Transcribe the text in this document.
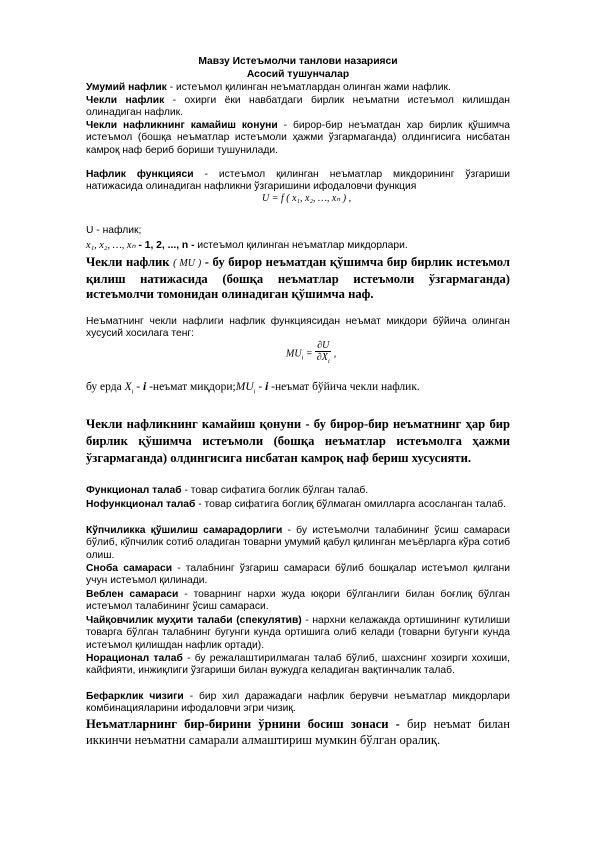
Мавзу Истеъмолчи танлови назарияси
Асосий тушунчалар

Умумий нафлик - истеъмол қилинган неъматлардан олинган жами нафлик.

Чекли нафлик - охирги ёки навбатдаги бирлик неъматни истеъмол килишдан олинадиган нафлик.

Чекли нафликнинг камайиш конуни - бирор-бир неъматдан хар бирлик қўшимча истеъмол (бошқа неъматлар истеъмоли ҳажми ўзгармаганда) олдингисига нисбатан камроқ наф бериб бориши тушунилади.

Нафлик функцияси - истеъмол қилинган неъматлар микдорининг ўзгариши натижасида олинадиган нафликни ўзгаришини ифодаловчи функция

U = f ( x₁, x₂, …, xₙ ) ,

U - нафлик;

x₁, x₂, …, xₙ - 1, 2, ..., n - истеъмол қилинган неъматлар микдорлари.

Чекли нафлик ( MU ) - бу бирор неъматдан қўшимча бир бирлик истеъмол қилиш натижасида (бошқа неъматлар истеъмоли ўзгармаганда) истеъмолчи томонидан олинадиган қўшимча наф.

Неъматнинг чекли нафлиги нафлик функциясидан неъмат микдори бўйича олинган хусусий хосилага тенг:

$MU_i = \frac{\partial U}{\partial X_i}$ ,

бу ерда $X_i$ - i -неъмат $миқдори;MU_i$ - i -неъмат бўйича чекли нафлик.

Чекли нафликнинг камайиш қонуни - бу бирор-бир неъматнинг ҳар бир бирлик қўшимча истеъмоли (бошқа неъматлар истеъмолга ҳажми ўзгармаганда) олдингисига нисбатан камроқ наф бериш хусусияти.

Функционал талаб - товар сифатига боглик бўлган талаб.

Нофункционал талаб - товар сифатига боглиқ бўлмаган омилларга асосланган талаб.

Кўпчиликка қўшилиш самарадорлиги - бу истеъмолчи талабининг ўсиш самараси бўлиб, кўпчилик сотиб оладиган товарни умумий қабул қилинган меъёрларга кўра сотиб олиш.

Сноба самараси - талабнинг ўзгариш самараси бўлиб бошқалар истеъмол қилгани учун истеъмол қилинади.

Веблен самараси - товарнинг нархи жуда юқори бўлганлиги билан боғлиқ бўлган истеъмол талабининг ўсиш самараси.

Чайқовчилик муҳити талаби (спекулятив) - нархни келажакда ортишининг кутилиши товарга бўлган талабнинг бугунги кунда ортишига олиб келади (товарни бугунги кунда истеъмол қилишдан нафлик ортади).

Норационал талаб - бу режалаштирилмаган талаб бўлиб, шахснинг хозирги хохиши, кайфияти, инжиқлиги ўзгариши билан вужудга келадиган вақтинчалик талаб.

Бефарклик чизиги - бир хил даражадаги нафлик берувчи неъматлар микдорлари комбинацияларини ифодаловчи эгри чизиқ.

Неъматларнинг бир-бирини ўрнини босиш зонаси - бир неъмат билан иккинчи неъматни самарали алмаштириш мумкин бўлган оралиқ.
